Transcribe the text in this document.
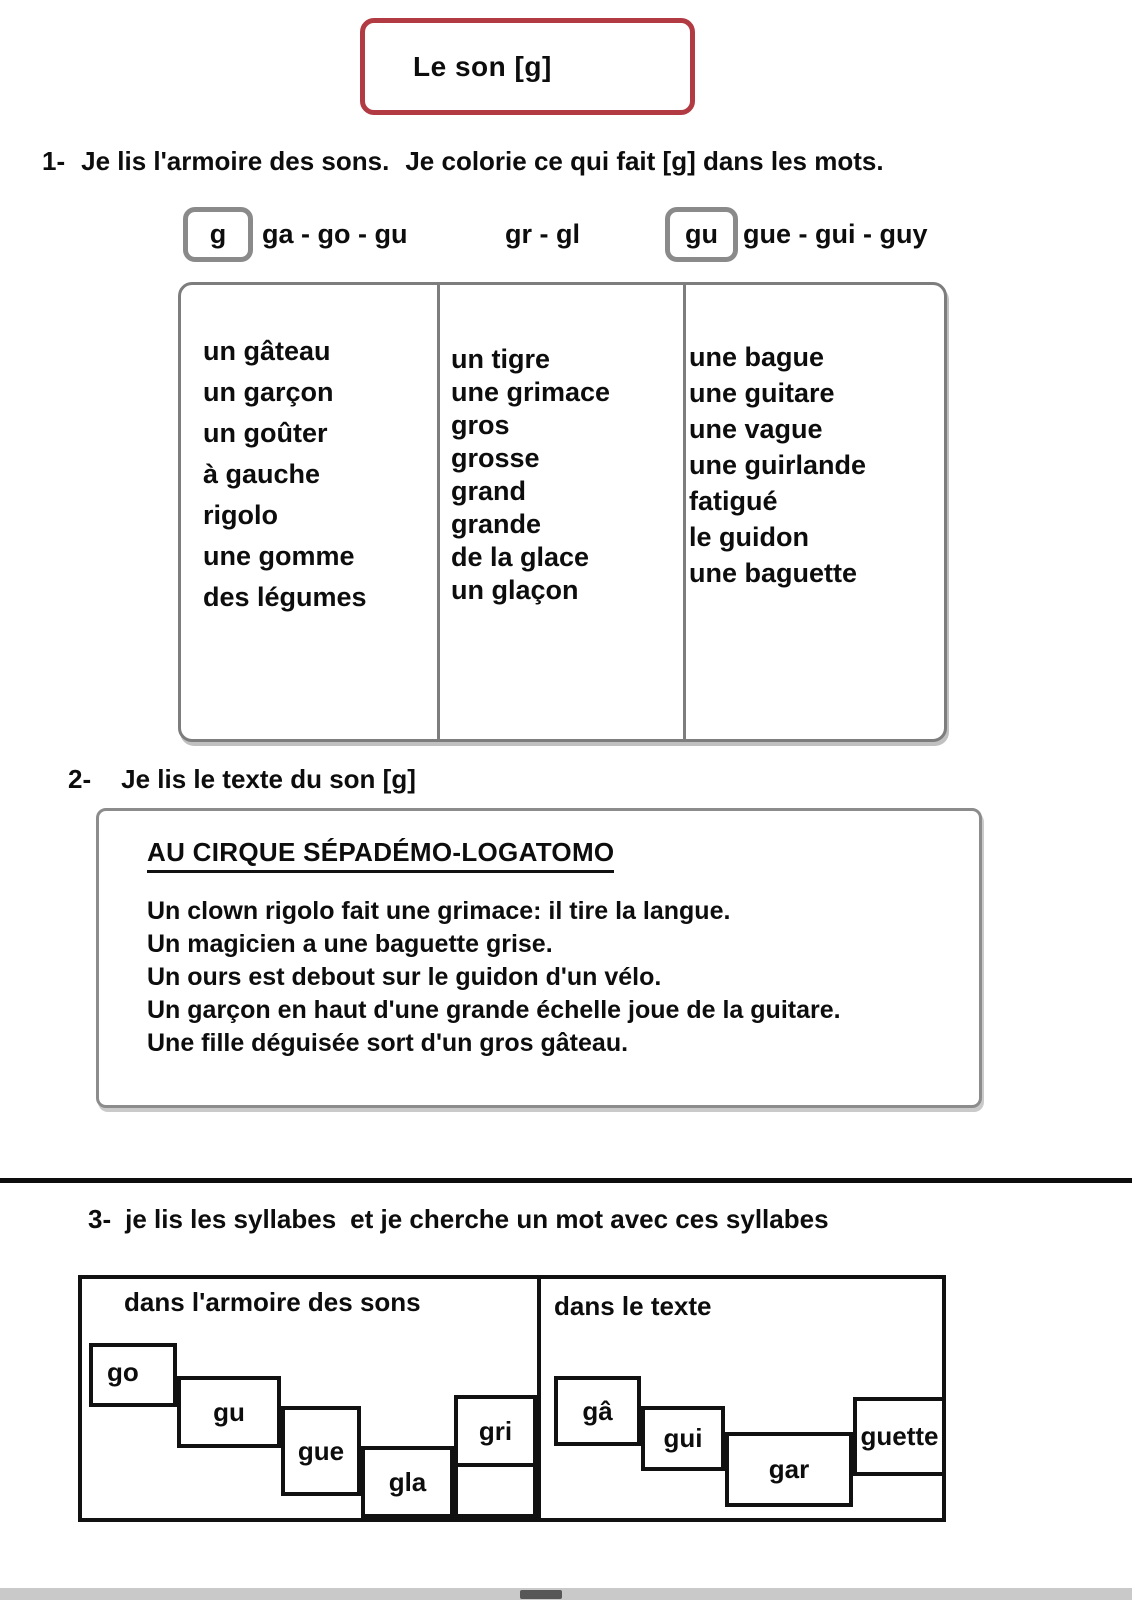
Le son [g]
1- Je lis l'armoire des sons. Je colorie ce qui fait [g] dans les mots.
g ga - go - gu	gr - gl	gu gue - gui - guy
un gâteau
un garçon
un goûter
à gauche
rigolo
une gomme
des légumes
un tigre
une grimace
gros
grosse
grand
grande
de la glace
un glaçon
une bague
une guitare
une vague
une guirlande
fatigué
le guidon
une baguette
2- Je lis le texte du son [g]
AU CIRQUE SÉPADÉMO-LOGATOMO
Un clown rigolo fait une grimace: il tire la langue.
Un magicien a une baguette grise.
Un ours est debout sur le guidon d'un vélo.
Un garçon en haut d'une grande échelle joue de la guitare.
Une fille déguisée sort d'un gros gâteau.
3- je lis les syllabes et je cherche un mot avec ces syllabes
dans l'armoire des sons	dans le texte
go
gu
gue
gla
gri
gâ
gui
gar
guette
